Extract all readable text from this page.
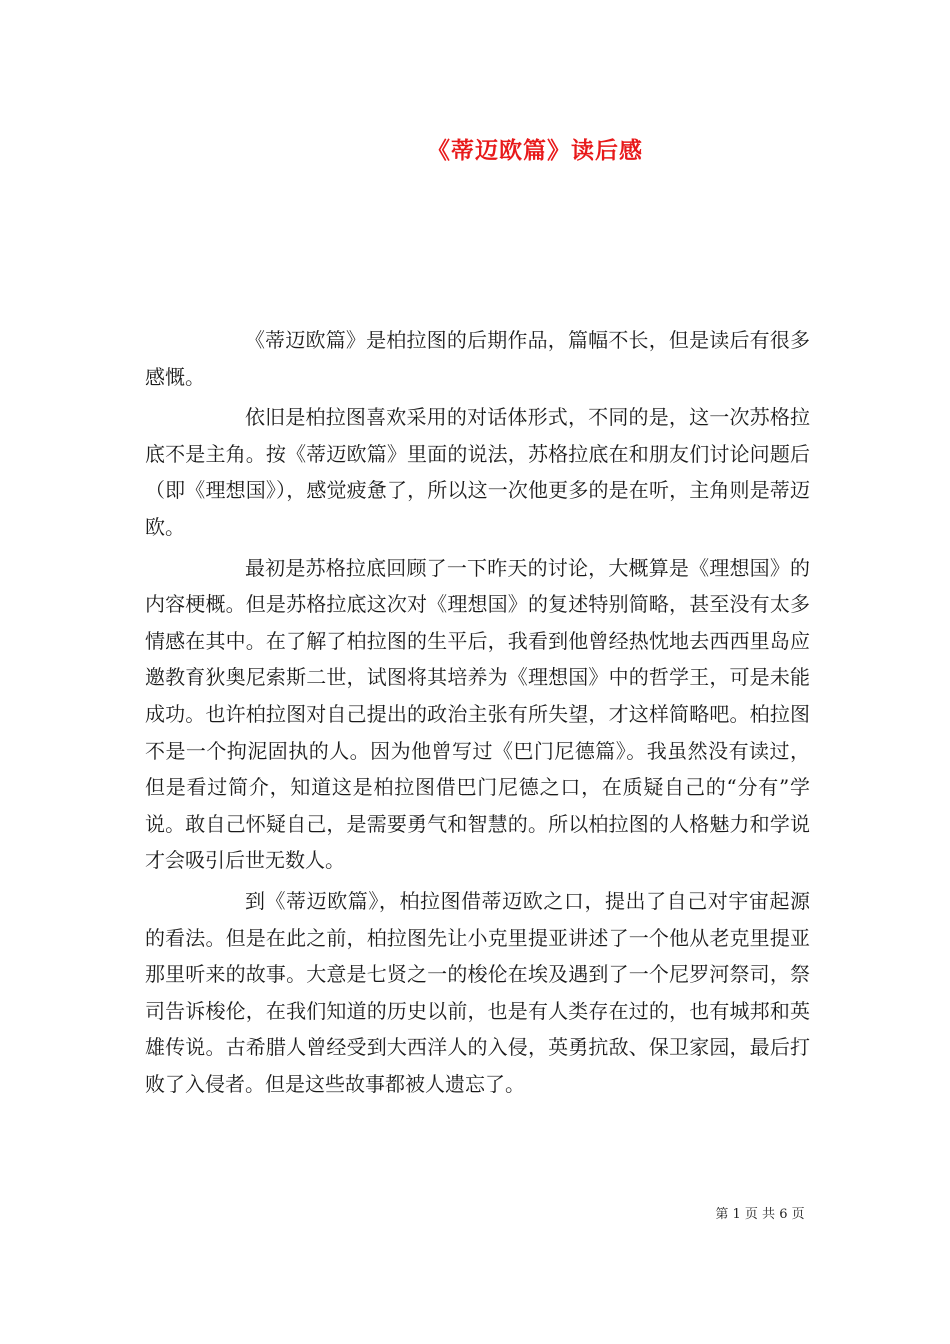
《蒂迈欧篇》读后感

《蒂迈欧篇》是柏拉图的后期作品，篇幅不长，但是读后有很多感慨。

依旧是柏拉图喜欢采用的对话体形式，不同的是，这一次苏格拉底不是主角。按《蒂迈欧篇》里面的说法，苏格拉底在和朋友们讨论问题后（即《理想国》），感觉疲惫了，所以这一次他更多的是在听，主角则是蒂迈欧。

最初是苏格拉底回顾了一下昨天的讨论，大概算是《理想国》的内容梗概。但是苏格拉底这次对《理想国》的复述特别简略，甚至没有太多情感在其中。在了解了柏拉图的生平后，我看到他曾经热忱地去西西里岛应邀教育狄奥尼索斯二世，试图将其培养为《理想国》中的哲学王，可是未能成功。也许柏拉图对自己提出的政治主张有所失望，才这样简略吧。柏拉图不是一个拘泥固执的人。因为他曾写过《巴门尼德篇》。我虽然没有读过，但是看过简介，知道这是柏拉图借巴门尼德之口，在质疑自己的“分有”学说。敢自己怀疑自己，是需要勇气和智慧的。所以柏拉图的人格魅力和学说才会吸引后世无数人。

到《蒂迈欧篇》，柏拉图借蒂迈欧之口，提出了自己对宇宙起源的看法。但是在此之前，柏拉图先让小克里提亚讲述了一个他从老克里提亚那里听来的故事。大意是七贤之一的梭伦在埃及遇到了一个尼罗河祭司，祭司告诉梭伦，在我们知道的历史以前，也是有人类存在过的，也有城邦和英雄传说。古希腊人曾经受到大西洋人的入侵，英勇抗敌、保卫家园，最后打败了入侵者。但是这些故事都被人遗忘了。

第 1 页 共 6 页
